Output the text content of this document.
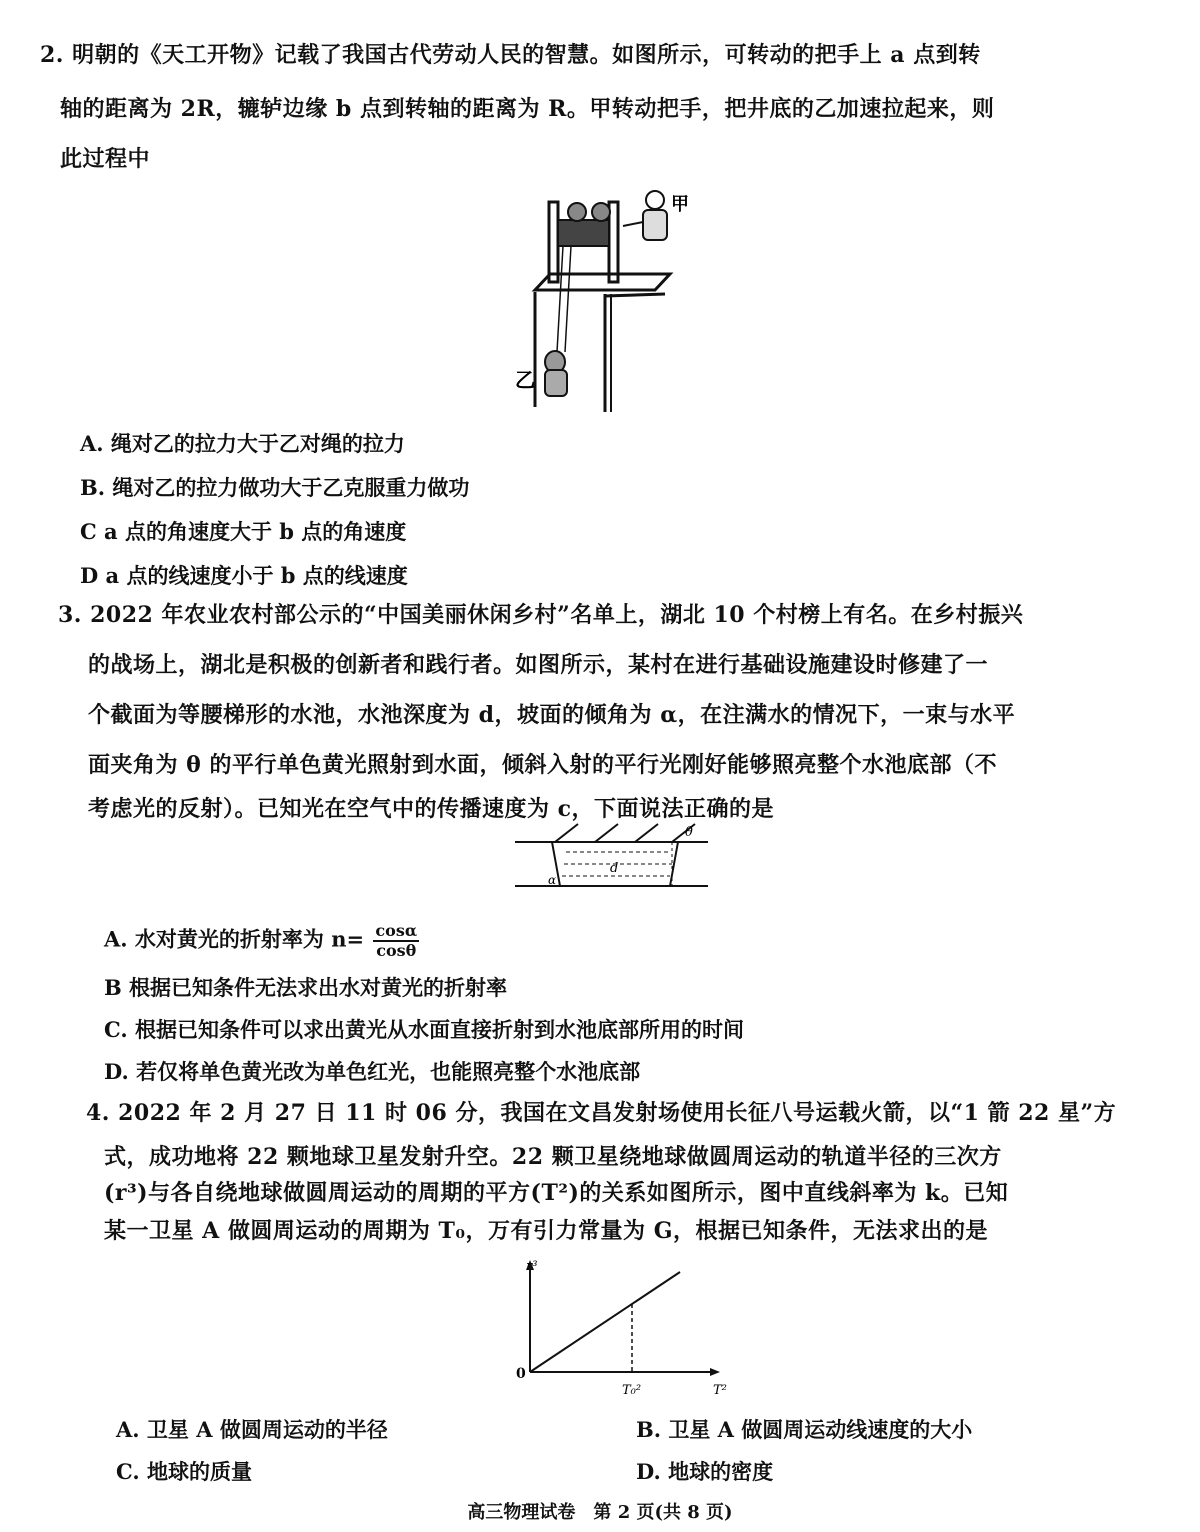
2. 明朝的《天工开物》记载了我国古代劳动人民的智慧。如图所示，可转动的把手上 a 点到转
轴的距离为 2R，辘轳边缘 b 点到转轴的距离为 R。甲转动把手，把井底的乙加速拉起来，则
此过程中
甲
乙
A. 绳对乙的拉力大于乙对绳的拉力
B. 绳对乙的拉力做功大于乙克服重力做功
C a 点的角速度大于 b 点的角速度
D a 点的线速度小于 b 点的线速度
3. 2022 年农业农村部公示的“中国美丽休闲乡村”名单上，湖北 10 个村榜上有名。在乡村振兴
的战场上，湖北是积极的创新者和践行者。如图所示，某村在进行基础设施建设时修建了一
个截面为等腰梯形的水池，水池深度为 d，坡面的倾角为 α，在注满水的情况下，一束与水平
面夹角为 θ 的平行单色黄光照射到水面，倾斜入射的平行光刚好能够照亮整个水池底部（不
考虑光的反射）。已知光在空气中的传播速度为 c，下面说法正确的是
θ
d
α
A. 水对黄光的折射率为 $n= \frac{\cos\alpha}{\cos\theta}$
B 根据已知条件无法求出水对黄光的折射率
C. 根据已知条件可以求出黄光从水面直接折射到水池底部所用的时间
D. 若仅将单色黄光改为单色红光，也能照亮整个水池底部
4. 2022 年 2 月 27 日 11 时 06 分，我国在文昌发射场使用长征八号运载火箭，以“1 箭 22 星”方
式，成功地将 22 颗地球卫星发射升空。22 颗卫星绕地球做圆周运动的轨道半径的三次方
(r³)与各自绕地球做圆周运动的周期的平方(T²)的关系如图所示，图中直线斜率为 k。已知
某一卫星 A 做圆周运动的周期为 T₀，万有引力常量为 G，根据已知条件，无法求出的是
r³
T²
0
T₀²
A. 卫星 A 做圆周运动的半径	B. 卫星 A 做圆周运动线速度的大小
C. 地球的质量	D. 地球的密度
高三物理试卷　第 2 页(共 8 页)
